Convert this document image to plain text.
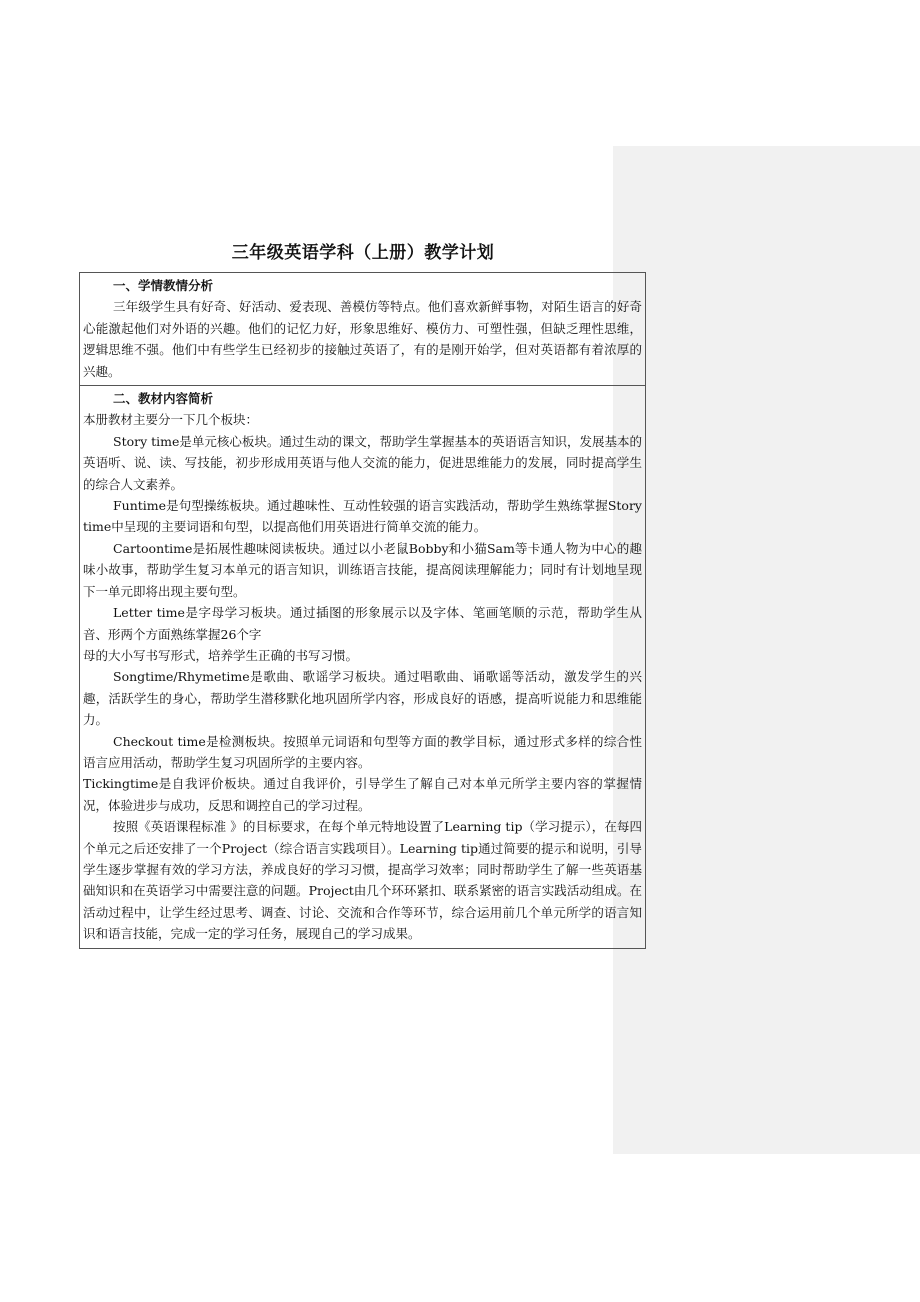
三年级英语学科（上册）教学计划
一、学情教情分析

三年级学生具有好奇、好活动、爱表现、善模仿等特点。他们喜欢新鲜事物，对陌生语言的好奇心能激起他们对外语的兴趣。他们的记忆力好，形象思维好、模仿力、可塑性强，但缺乏理性思维，逻辑思维不强。他们中有些学生已经初步的接触过英语了，有的是刚开始学，但对英语都有着浓厚的兴趣。

二、教材内容简析

本册教材主要分一下几个板块：

Story time是单元核心板块。通过生动的课文，帮助学生掌握基本的英语语言知识，发展基本的英语听、说、读、写技能，初步形成用英语与他人交流的能力，促进思维能力的发展，同时提高学生的综合人文素养。

Funtime是句型操练板块。通过趣味性、互动性较强的语言实践活动，帮助学生熟练掌握Story time中呈现的主要词语和句型，以提高他们用英语进行简单交流的能力。

Cartoontime是拓展性趣味阅读板块。通过以小老鼠Bobby和小猫Sam等卡通人物为中心的趣味小故事，帮助学生复习本单元的语言知识，训练语言技能，提高阅读理解能力；同时有计划地呈现下一单元即将出现主要句型。

Letter time是字母学习板块。通过插图的形象展示以及字体、笔画笔顺的示范，帮助学生从音、形两个方面熟练掌握26个字

母的大小写书写形式，培养学生正确的书写习惯。

Songtime/Rhymetime是歌曲、歌谣学习板块。通过唱歌曲、诵歌谣等活动，激发学生的兴趣，活跃学生的身心，帮助学生潜移默化地巩固所学内容，形成良好的语感，提高听说能力和思维能力。

Checkout time是检测板块。按照单元词语和句型等方面的教学目标，通过形式多样的综合性语言应用活动，帮助学生复习巩固所学的主要内容。

Tickingtime是自我评价板块。通过自我评价，引导学生了解自己对本单元所学主要内容的掌握情况，体验进步与成功，反思和调控自己的学习过程。

按照《英语课程标准 》的目标要求，在每个单元特地设置了Learning tip（学习提示），在每四个单元之后还安排了一个Project（综合语言实践项目）。Learning tip通过简要的提示和说明，引导学生逐步掌握有效的学习方法，养成良好的学习习惯，提高学习效率；同时帮助学生了解一些英语基础知识和在英语学习中需要注意的问题。Project由几个环环紧扣、联系紧密的语言实践活动组成。在活动过程中，让学生经过思考、调查、讨论、交流和合作等环节，综合运用前几个单元所学的语言知识和语言技能，完成一定的学习任务，展现自己的学习成果。
